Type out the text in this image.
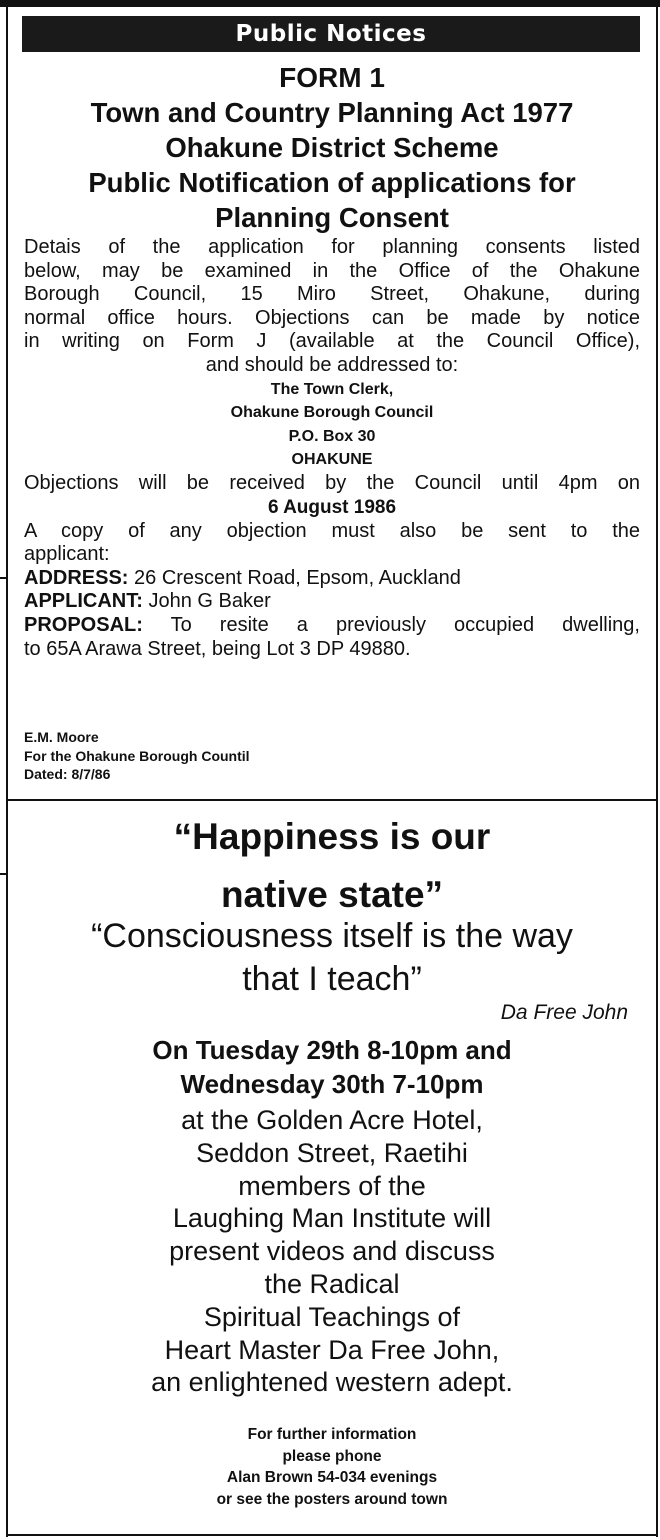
Public Notices
FORM 1
Town and Country Planning Act 1977
Ohakune District Scheme
Public Notification of applications for
Planning Consent
Detais of the application for planning consents listed
below, may be examined in the Office of the Ohakune
Borough Council, 15 Miro Street, Ohakune, during
normal office hours. Objections can be made by notice
in writing on Form J (available at the Council Office),
and should be addressed to:
The Town Clerk,
Ohakune Borough Council
P.O. Box 30
OHAKUNE
Objections will be received by the Council until 4pm on
6 August 1986
A copy of any objection must also be sent to the
applicant:
ADDRESS: 26 Crescent Road, Epsom, Auckland
APPLICANT: John G Baker
PROPOSAL: To resite a previously occupied dwelling,
to 65A Arawa Street, being Lot 3 DP 49880.
E.M. Moore
For the Ohakune Borough Countil
Dated: 8/7/86
“Happiness is our
native state”
“Consciousness itself is the way
that I teach”
Da Free John
On Tuesday 29th 8-10pm and
Wednesday 30th 7-10pm
at the Golden Acre Hotel,
Seddon Street, Raetihi
members of the
Laughing Man Institute will
present videos and discuss
the Radical
Spiritual Teachings of
Heart Master Da Free John,
an enlightened western adept.
For further information
please phone
Alan Brown 54-034 evenings
or see the posters around town
